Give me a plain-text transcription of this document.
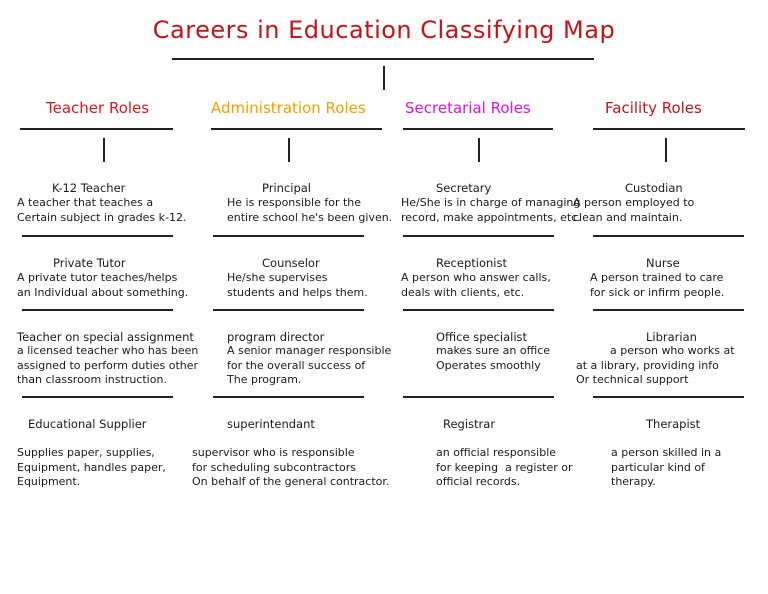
Careers in Education Classifying Map
Teacher Roles	Administration Roles	Secretarial Roles	Facility Roles
K-12 Teacher
A teacher that teaches a
Certain subject in grades k-12.
Principal
He is responsible for the
entire school he's been given.
Secretary
He/She is in charge of managing
record, make appointments, etc.
Custodian
A person employed to
clean and maintain.
Private Tutor
A private tutor teaches/helps
an Individual about something.
Counselor
He/she supervises
students and helps them.
Receptionist
A person who answer calls,
deals with clients, etc.
Nurse
A person trained to care
for sick or infirm people.
Teacher on special assignment
a licensed teacher who has been
assigned to perform duties other
than classroom instruction.
program director
A senior manager responsible
for the overall success of
The program.
Office specialist
makes sure an office
Operates smoothly
Librarian
a person who works at
at a library, providing info
Or technical support
Educational Supplier
Supplies paper, supplies,
Equipment, handles paper,
Equipment.
superintendant
supervisor who is responsible
for scheduling subcontractors
On behalf of the general contractor.
Registrar
an official responsible
for keeping  a register or
official records.
Therapist
a person skilled in a
particular kind of
therapy.
